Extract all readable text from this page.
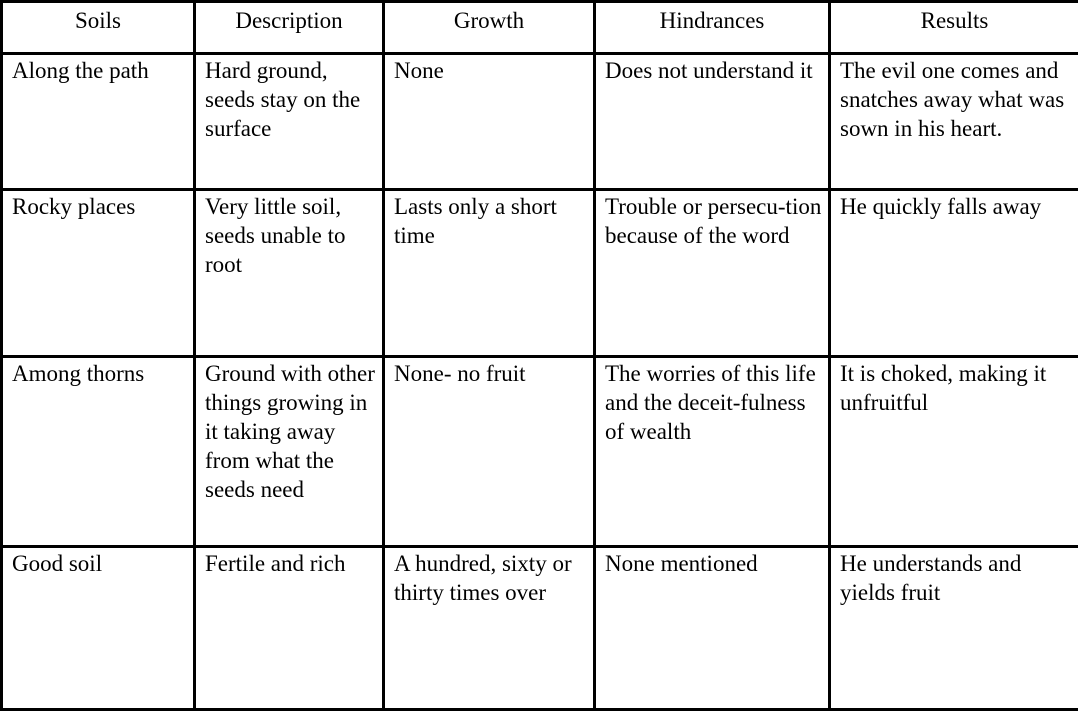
Soils	Description	Growth	Hindrances	Results

Along the path	Hard ground, seeds stay on the surface	None	Does not understand it	The evil one comes and snatches away what was sown in his heart.

Rocky places	Very little soil, seeds unable to root	Lasts only a short time	Trouble or persecu-tion because of the word	He quickly falls away

Among thorns	Ground with other things growing in it taking away from what the seeds need	None- no fruit	The worries of this life and the deceit-fulness of wealth	It is choked, making it unfruitful

Good soil	Fertile and rich	A hundred, sixty or thirty times over	None mentioned	He understands and yields fruit
